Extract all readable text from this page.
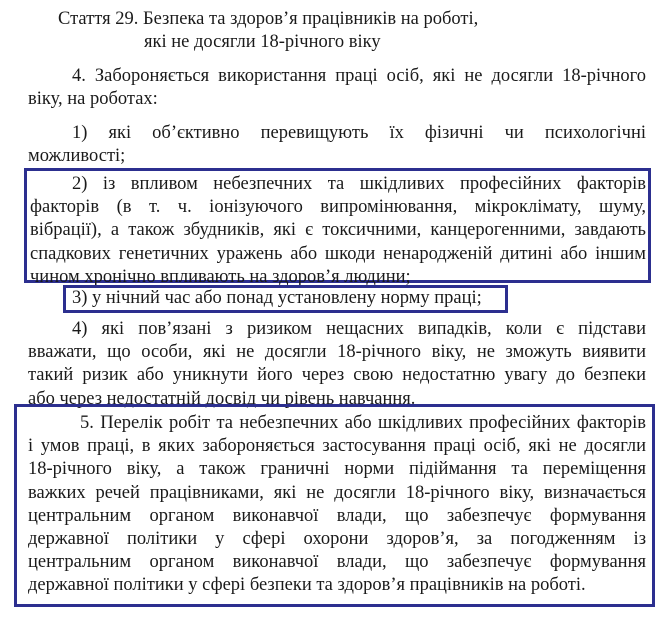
Стаття 29. Безпека та здоров’я працівників на роботі,
які не досягли 18-річного віку
4. Забороняється використання праці осіб, які не досягли 18-річного
віку, на роботах:
1) які об’єктивно перевищують їх фізичні чи психологічні
можливості;
2) із впливом небезпечних та шкідливих професійних факторів
факторів (в т. ч. іонізуючого випромінювання, мікроклімату, шуму,
вібрації), а також збудників, які є токсичними, канцерогенними, завдають
спадкових генетичних уражень або шкоди ненародженій дитині або іншим
чином хронічно впливають на здоров’я людини;
3) у нічний час або понад установлену норму праці;
4) які пов’язані з ризиком нещасних випадків, коли є підстави
вважати, що особи, які не досягли 18-річного віку, не зможуть виявити
такий ризик або уникнути його через свою недостатню увагу до безпеки
або через недостатній досвід чи рівень навчання.
5. Перелік робіт та небезпечних або шкідливих професійних факторів
і умов праці, в яких забороняється застосування праці осіб, які не досягли
18-річного віку, а також граничні норми підіймання та переміщення
важких речей працівниками, які не досягли 18-річного віку, визначається
центральним органом виконавчої влади, що забезпечує формування
державної політики у сфері охорони здоров’я, за погодженням із
центральним органом виконавчої влади, що забезпечує формування
державної політики у сфері безпеки та здоров’я працівників на роботі.
